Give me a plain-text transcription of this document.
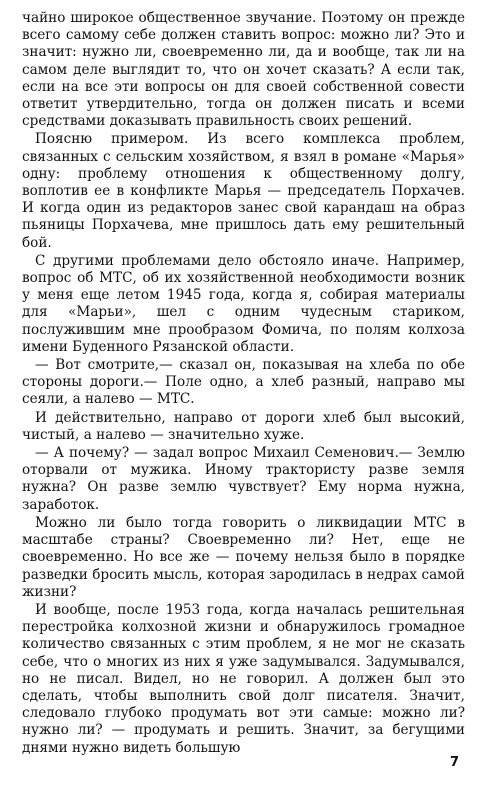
чайно широкое общественное звучание. Поэтому он прежде всего самому себе должен ставить вопрос: можно ли? Это и значит: нужно ли, своевременно ли, да и вообще, так ли на самом деле выглядит то, что он хочет сказать? А если так, если на все эти вопросы он для своей собственной совести ответит утвердительно, тогда он должен писать и всеми средствами доказывать правильность своих решений.

Поясню примером. Из всего комплекса проблем, связанных с сельским хозяйством, я взял в романе «Марья» одну: проблему отношения к общественному долгу, воплотив ее в конфликте Марья — председатель Порхачев. И когда один из редакторов занес свой карандаш на образ пьяницы Порхачева, мне пришлось дать ему решительный бой.

С другими проблемами дело обстояло иначе. Например, вопрос об МТС, об их хозяйственной необходимости возник у меня еще летом 1945 года, когда я, собирая материалы для «Марьи», шел с одним чудесным стариком, послужившим мне прообразом Фомича, по полям колхоза имени Буденного Рязанской области.

— Вот смотрите,— сказал он, показывая на хлеба по обе стороны дороги.— Поле одно, а хлеб разный, направо мы сеяли, а налево — МТС.

И действительно, направо от дороги хлеб был высокий, чистый, а налево — значительно хуже.

— А почему? — задал вопрос Михаил Семенович.— Землю оторвали от мужика. Иному трактористу разве земля нужна? Он разве землю чувствует? Ему норма нужна, заработок.

Можно ли было тогда говорить о ликвидации МТС в масштабе страны? Своевременно ли? Нет, еще не своевременно. Но все же — почему нельзя было в порядке разведки бросить мысль, которая зародилась в недрах самой жизни?

И вообще, после 1953 года, когда началась решительная перестройка колхозной жизни и обнаружилось громадное количество связанных с этим проблем, я не мог не сказать себе, что о многих из них я уже задумывался. Задумывался, но не писал. Видел, но не говорил. А должен был это сделать, чтобы выполнить свой долг писателя. Значит, следовало глубоко продумать вот эти самые: можно ли? нужно ли? — продумать и решить. Значит, за бегущими днями нужно видеть большую

7
